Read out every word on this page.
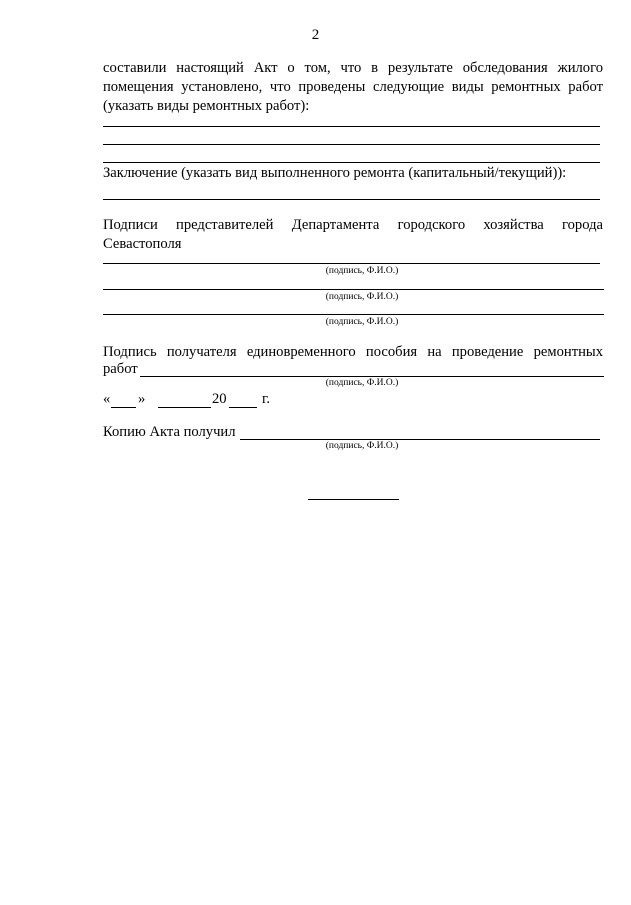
2
составили настоящий Акт о том, что в результате обследования жилого помещения установлено, что проведены следующие виды ремонтных работ (указать виды ремонтных работ):
Заключение (указать вид выполненного ремонта (капитальный/текущий)):
Подписи представителей Департамента городского хозяйства города
Севастополя
(подпись, Ф.И.О.)
(подпись, Ф.И.О.)
(подпись, Ф.И.О.)
Подпись получателя единовременного пособия на проведение ремонтных
работ
(подпись, Ф.И.О.)
« »	20 г.
Копию Акта получил
(подпись, Ф.И.О.)
